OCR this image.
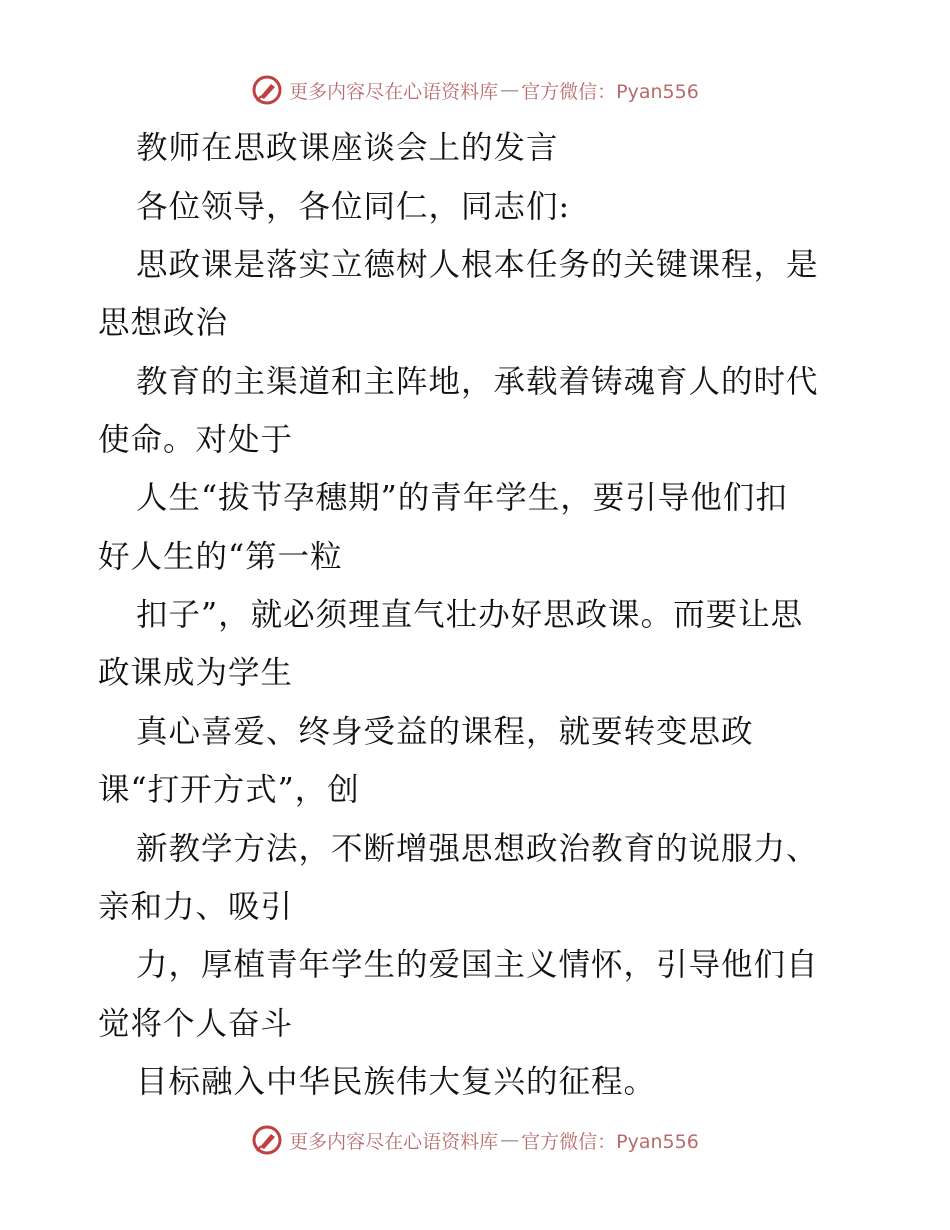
更多内容尽在心语资料库 — 官方微信：Pyan556
教师在思政课座谈会上的发言
各位领导，各位同仁，同志们:
思政课是落实立德树人根本任务的关键课程，是
思想政治
教育的主渠道和主阵地，承载着铸魂育人的时代
使命。对处于
人生“拔节孕穗期”的青年学生，要引导他们扣
好人生的“第一粒
扣子”，就必须理直气壮办好思政课。而要让思
政课成为学生
真心喜爱、终身受益的课程，就要转变思政
课“打开方式”，创
新教学方法，不断增强思想政治教育的说服力、
亲和力、吸引
力，厚植青年学生的爱国主义情怀，引导他们自
觉将个人奋斗
目标融入中华民族伟大复兴的征程。
更多内容尽在心语资料库 — 官方微信：Pyan556
